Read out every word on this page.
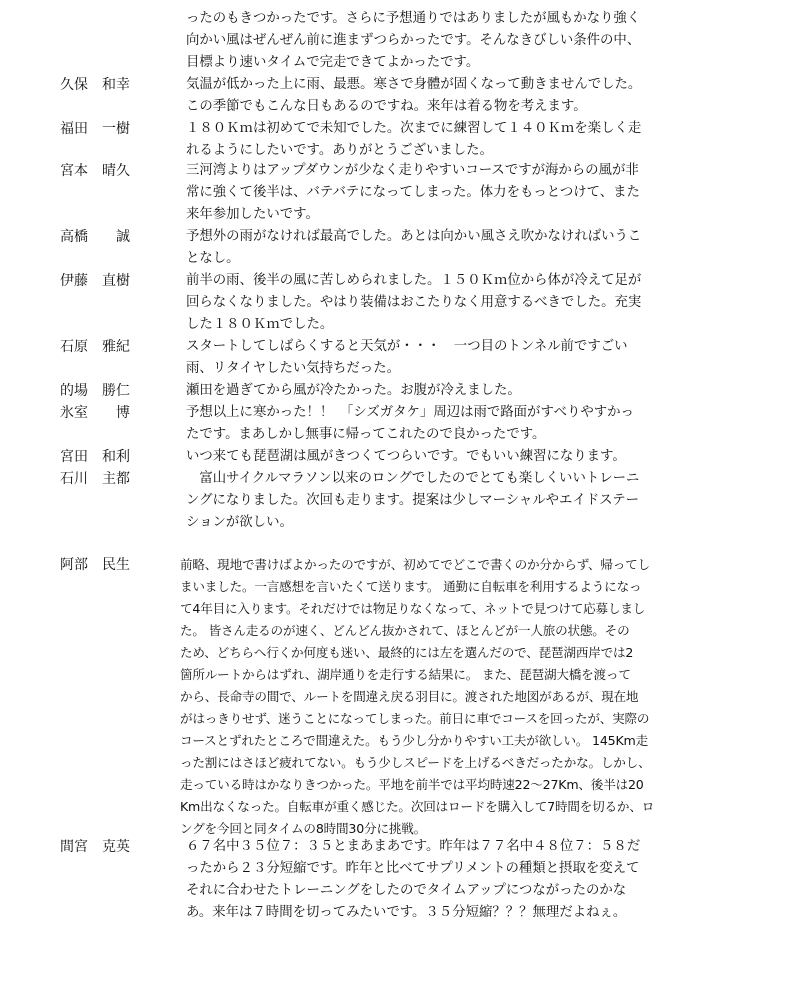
ったのもきつかったです。さらに予想通りではありましたが風もかなり強く
向かい風はぜんぜん前に進まずつらかったです。そんなきびしい条件の中、
目標より速いタイムで完走できてよかったです。
久保　和幸	気温が低かった上に雨、最悪。寒さで身體が固くなって動きませんでした。
この季節でもこんな日もあるのですね。来年は着る物を考えます。
福田　一樹	１８０Ｋｍは初めてで未知でした。次までに練習して１４０Ｋｍを楽しく走
れるようにしたいです。ありがとうございました。
宮本　晴久	三河湾よりはアップダウンが少なく走りやすいコースですが海からの風が非
常に強くて後半は、バテバテになってしまった。体力をもっとつけて、また
来年参加したいです。
高橋　　誠	予想外の雨がなければ最高でした。あとは向かい風さえ吹かなければいうこ
となし。
伊藤　直樹	前半の雨、後半の風に苦しめられました。１５０Ｋｍ位から体が冷えて足が
回らなくなりました。やはり装備はおこたりなく用意するべきでした。充実
した１８０Ｋｍでした。
石原　雅紀	スタートしてしばらくすると天気が・・・　一つ目のトンネル前ですごい
雨、リタイヤしたい気持ちだった。
的場　勝仁	瀬田を過ぎてから風が冷たかった。お腹が冷えました。
氷室　　博	予想以上に寒かった！！　「シズガタケ」周辺は雨で路面がすべりやすかっ
たです。まあしかし無事に帰ってこれたので良かったです。
宮田　和利	いつ来ても琵琶湖は風がきつくてつらいです。でもいい練習になります。
石川　主都	　富山サイクルマラソン以来のロングでしたのでとても楽しくいいトレーニ
ングになりました。次回も走ります。提案は少しマーシャルやエイドステー
ションが欲しい。
阿部　民生	前略、現地で書けばよかったのですが、初めてでどこで書くのか分からず、帰ってし
まいました。一言感想を言いたくて送ります。 通勤に自転車を利用するようになっ
て4年目に入ります。それだけでは物足りなくなって、ネットで見つけて応募しまし
た。 皆さん走るのが速く、どんどん抜かされて、ほとんどが一人旅の状態。その
ため、どちらへ行くか何度も迷い、最終的には左を選んだので、琵琶湖西岸では2
箇所ルートからはずれ、湖岸通りを走行する結果に。 また、琵琶湖大橋を渡って
から、長命寺の間で、ルートを間違え戻る羽目に。渡された地図があるが、現在地
がはっきりせず、迷うことになってしまった。前日に車でコースを回ったが、実際の
コースとずれたところで間違えた。もう少し分かりやすい工夫が欲しい。 145Km走
った割にはさほど疲れてない。もう少しスピードを上げるべきだったかな。しかし、
走っている時はかなりきつかった。平地を前半では平均時速22～27Km、後半は20
Km出なくなった。自転車が重く感じた。次回はロードを購入して7時間を切るか、ロ
ングを今回と同タイムの8時間30分に挑戦。
間宮　克英	６７名中３５位７：３５とまあまあです。昨年は７７名中４８位７：５８だ
ったから２３分短縮です。昨年と比べてサプリメントの種類と摂取を変えて
それに合わせたトレーニングをしたのでタイムアップにつながったのかな
あ。来年は７時間を切ってみたいです。３５分短縮？？？無理だよねぇ。
